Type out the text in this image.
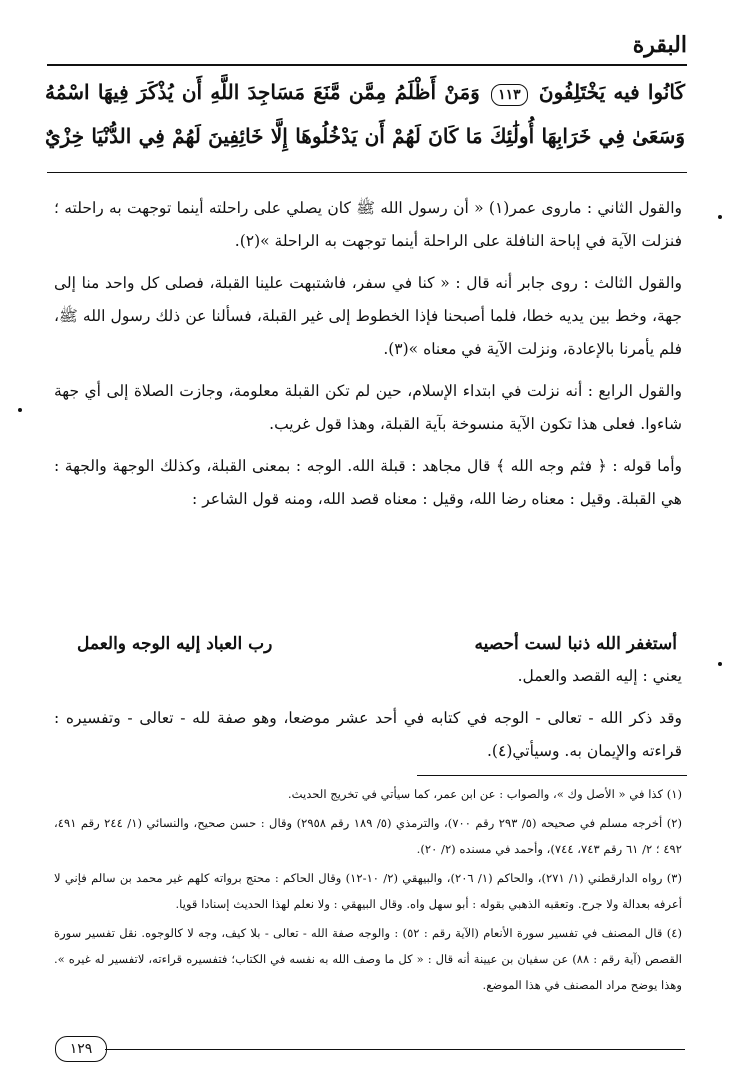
البقرة
كَانُوا فيه يَخْتَلِفُونَ ١١٣ وَمَنْ أَظْلَمُ مِمَّن مَّنَعَ مَسَاجِدَ اللَّهِ أَن يُذْكَرَ فِيهَا اسْمُهُ وَسَعَىٰ فِي خَرَابِهَا أُولَٰئِكَ مَا كَانَ لَهُمْ أَن يَدْخُلُوهَا إِلَّا خَائِفِينَ لَهُمْ فِي الدُّنْيَا خِزْيٌ

والقول الثاني : ماروى عمر(١) « أن رسول الله ﷺ كان يصلي على راحلته أينما توجهت به راحلته ؛ فنزلت الآية في إباحة النافلة على الراحلة أينما توجهت به الراحلة »(٢).

والقول الثالث : روى جابر أنه قال : « كنا في سفر، فاشتبهت علينا القبلة، فصلى كل واحد منا إلى جهة، وخط بين يديه خطا، فلما أصبحنا فإذا الخطوط إلى غير القبلة، فسألنا عن ذلك رسول الله ﷺ، فلم يأمرنا بالإعادة، ونزلت الآية في معناه »(٣).

والقول الرابع : أنه نزلت في ابتداء الإسلام، حين لم تكن القبلة معلومة، وجازت الصلاة إلى أي جهة شاءوا. فعلى هذا تكون الآية منسوخة بآية القبلة، وهذا قول غريب.

وأما قوله : ﴿ فثم وجه الله ﴾ قال مجاهد : قبلة الله. الوجه : بمعنى القبلة، وكذلك الوجهة والجهة : هي القبلة. وقيل : معناه رضا الله، وقيل : معناه قصد الله، ومنه قول الشاعر :

أستغفر الله ذنبا لست أحصيه
رب العباد إليه الوجه والعمل

يعني : إليه القصد والعمل.

وقد ذكر الله - تعالى - الوجه في كتابه في أحد عشر موضعا، وهو صفة لله - تعالى - وتفسيره : قراءته والإيمان به. وسيأتي(٤).

(١) كذا في « الأصل وك »، والصواب : عن ابن عمر، كما سيأتي في تخريج الحديث.

(٢) أخرجه مسلم في صحيحه (٥/ ٢٩٣ رقم ٧٠٠)، والترمذي (٥/ ١٨٩ رقم ٢٩٥٨) وقال : حسن صحيح، والنسائي (١/ ٢٤٤ رقم ٤٩١، ٤٩٢ ؛ ٢/ ٦١ رقم ٧٤٣، ٧٤٤)، وأحمد في مسنده (٢/ ٢٠).

(٣) رواه الدارقطني (١/ ٢٧١)، والحاكم (١/ ٢٠٦)، والبيهقي (٢/ ١٠-١٢) وقال الحاكم : محتج برواته كلهم غير محمد بن سالم فإني لا أعرفه بعدالة ولا جرح. وتعقبه الذهبي بقوله : أبو سهل واه. وقال البيهقي : ولا نعلم لهذا الحديث إسنادا قويا.

(٤) قال المصنف في تفسير سورة الأنعام (الآية رقم : ٥٢) : والوجه صفة الله - تعالى - بلا كيف، وجه لا كالوجوه. نقل تفسير سورة القصص (آية رقم : ٨٨) عن سفيان بن عيينة أنه قال : « كل ما وصف الله به نفسه في الكتاب؛ فتفسيره قراءته، لاتفسير له غيره ». وهذا يوضح مراد المصنف في هذا الموضع.

١٢٩
